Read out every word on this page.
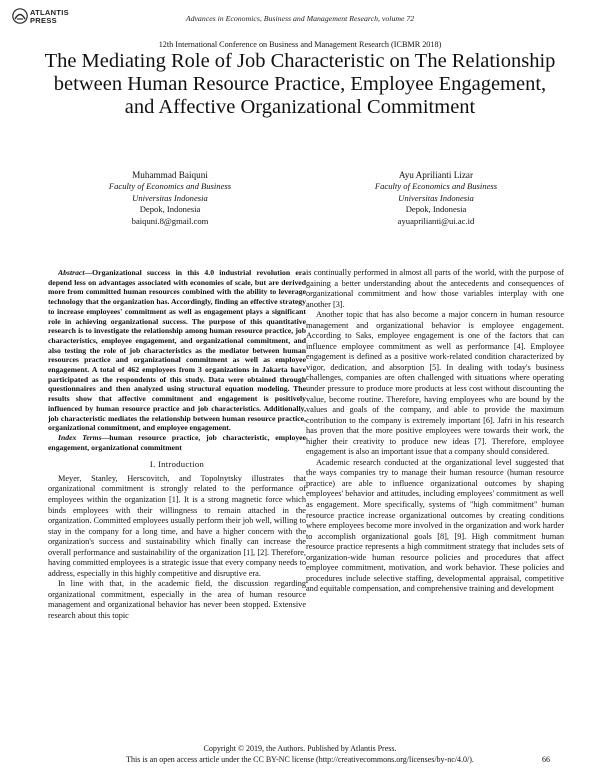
ATLANTIS
PRESS	Advances in Economics, Business and Management Research, volume 72
12th International Conference on Business and Management Research (ICBMR 2018)
The Mediating Role of Job Characteristic on The Relationship between Human Resource Practice, Employee Engagement, and Affective Organizational Commitment
Muhammad Baiquni
Faculty of Economics and Business
Universitas Indonesia
Depok, Indonesia
baiquni.8@gmail.com
Ayu Aprilianti Lizar
Faculty of Economics and Business
Universitas Indonesia
Depok, Indonesia
ayuaprilianti@ui.ac.id

Abstract—Organizational success in this 4.0 industrial revolution era depend less on advantages associated with economies of scale, but are derived more from committed human resources combined with the ability to leverage technology that the organization has. Accordingly, finding an effective strategy to increase employees' commitment as well as engagement plays a significant role in achieving organizational success. The purpose of this quantitative research is to investigate the relationship among human resource practice, job characteristics, employee engagement, and organizational commitment, and also testing the role of job characteristics as the mediator between human resources practice and organizational commitment as well as employee engagement. A total of 462 employees from 3 organizations in Jakarta have participated as the respondents of this study. Data were obtained through questionnaires and then analyzed using structural equation modeling. The results show that affective commitment and engagement is positively influenced by human resource practice and job characteristics. Additionally, job characteristic mediates the relationship between human resource practice, organizational commitment, and employee engagement.

Index Terms—human resource practice, job characteristic, employee engagement, organizational commitment

I. Introduction

Meyer, Stanley, Herscovitch, and Topolnytsky illustrates that organizational commitment is strongly related to the performance of employees within the organization [1]. It is a strong magnetic force which binds employees with their willingness to remain attached in the organization. Committed employees usually perform their job well, willing to stay in the company for a long time, and have a higher concern with the organization's success and sustainability which finally can increase the overall performance and sustainability of the organization [1], [2]. Therefore, having committed employees is a strategic issue that every company needs to address, especially in this highly competitive and disruptive era.

In line with that, in the academic field, the discussion regarding organizational commitment, especially in the area of human resource management and organizational behavior has never been stopped. Extensive research about this topic

is continually performed in almost all parts of the world, with the purpose of gaining a better understanding about the antecedents and consequences of organizational commitment and how those variables interplay with one another [3].

Another topic that has also become a major concern in human resource management and organizational behavior is employee engagement. According to Saks, employee engagement is one of the factors that can influence employee commitment as well as performance [4]. Employee engagement is defined as a positive work-related condition characterized by vigor, dedication, and absorption [5]. In dealing with today's business challenges, companies are often challenged with situations where operating under pressure to produce more products at less cost without discounting the value, become routine. Therefore, having employees who are bound by the values and goals of the company, and able to provide the maximum contribution to the company is extremely important [6]. Jafri in his research has proven that the more positive employees were towards their work, the higher their creativity to produce new ideas [7]. Therefore, employee engagement is also an important issue that a company should considered.

Academic research conducted at the organizational level suggested that the ways companies try to manage their human resource (human resource practice) are able to influence organizational outcomes by shaping employees' behavior and attitudes, including employees' commitment as well as engagement. More specifically, systems of "high commitment" human resource practice increase organizational outcomes by creating conditions where employees become more involved in the organization and work harder to accomplish organizational goals [8], [9]. High commitment human resource practice represents a high commitment strategy that includes sets of organization-wide human resource policies and procedures that affect employee commitment, motivation, and work behavior. These policies and procedures include selective staffing, developmental appraisal, competitive and equitable compensation, and comprehensive training and development

Copyright © 2019, the Authors. Published by Atlantis Press.
This is an open access article under the CC BY-NC license (http://creativecommons.org/licenses/by-nc/4.0/).	66
